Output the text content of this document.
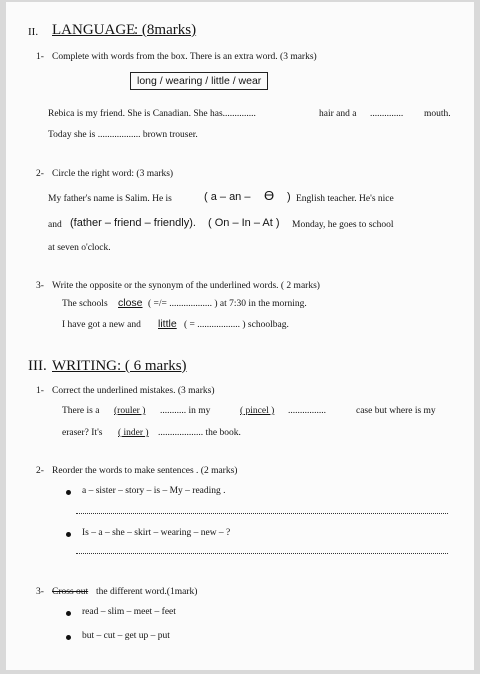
II. LANGUAGE
: (8marks)
1- Complete with words from the box. There is an extra word. (3 marks)
long / wearing / little / wear
Rebica is my friend. She is Canadian. She has..............	hair and a .............. mouth.
Today she is .................. brown trouser.
2- Circle the right word: (3 marks)
My father's name is Salim. He is	( a – an – Ө ) English teacher. He's nice
and (father – friend – friendly). ( On – In – At ) Monday, he goes to school
at seven o'clock.
3- Write the opposite or the synonym of the underlined words. ( 2 marks)
The schools close ( =/= .................. ) at 7:30 in the morning.
I have got a new and little ( = .................. ) schoolbag.
III. WRITING: ( 6 marks)
1- Correct the underlined mistakes. (3 marks)
There is a (rouler ) ........... in my	( pincel ) ................	case but where is my
eraser? It's ( inder ) ................... the book.
2- Reorder the words to make sentences . (2 marks)
a – sister – story – is – My – reading .
Is – a – she – skirt – wearing – new – ?
3- Cross out the different word.(1mark)
read – slim – meet – feet
but – cut – get up – put
